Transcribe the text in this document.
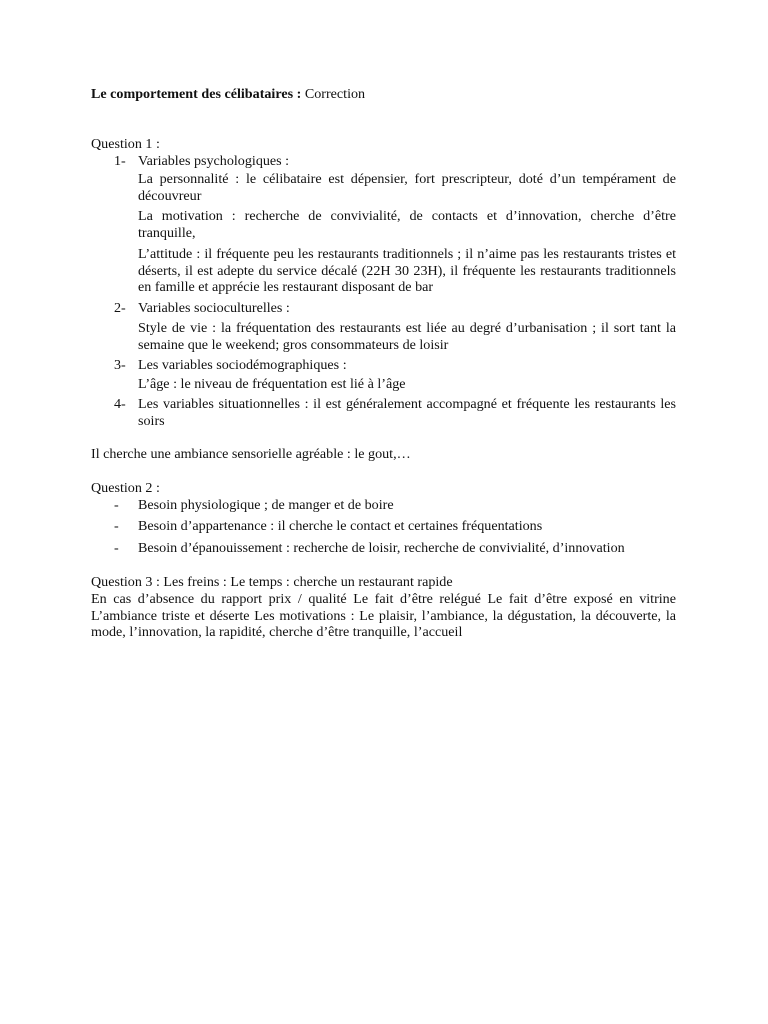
Le comportement des célibataires : Correction
Question 1 :
1- Variables psychologiques :
La personnalité : le célibataire est dépensier, fort prescripteur, doté d’un tempérament de découvreur
La motivation : recherche de convivialité, de contacts et d’innovation, cherche d’être tranquille,
L’attitude : il fréquente peu les restaurants traditionnels ; il n’aime pas les restaurants tristes et déserts, il est adepte du service décalé (22H 30 23H), il fréquente les restaurants traditionnels en famille et apprécie les restaurant disposant de bar
2- Variables socioculturelles :
Style de vie : la fréquentation des restaurants est liée au degré d’urbanisation ; il sort tant la semaine que le weekend; gros consommateurs de loisir
3- Les variables sociodémographiques :
L’âge : le niveau de fréquentation est lié à l’âge
4- Les variables situationnelles : il est généralement accompagné et fréquente les restaurants les soirs
Il cherche une ambiance sensorielle agréable : le gout,…
Question 2 :
- Besoin physiologique ; de manger et de boire
- Besoin d’appartenance : il cherche le contact et certaines fréquentations
- Besoin d’épanouissement : recherche de loisir, recherche de convivialité, d’innovation
Question 3 : Les freins : Le temps : cherche un restaurant rapide
En cas d’absence du rapport prix / qualité Le fait d’être relégué Le fait d’être exposé en vitrine L’ambiance triste et déserte Les motivations : Le plaisir, l’ambiance, la dégustation, la découverte, la mode, l’innovation, la rapidité, cherche d’être tranquille, l’accueil
